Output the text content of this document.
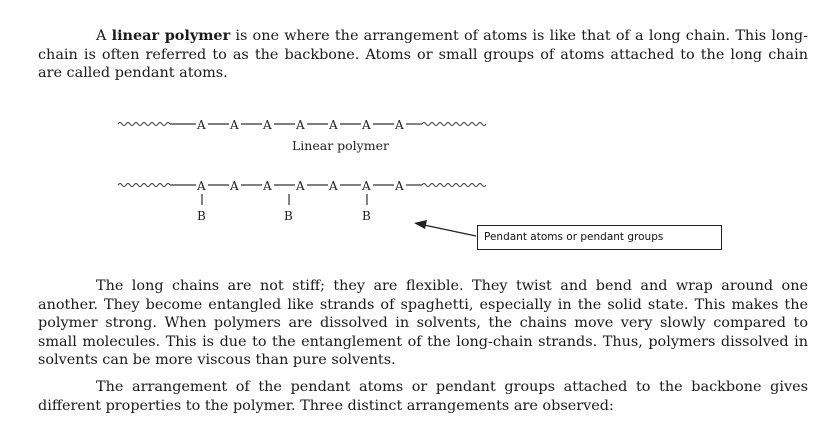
A linear polymer is one where the arrangement of atoms is like that of a long chain. This long-chain is often referred to as the backbone. Atoms or small groups of atoms attached to the long chain are called pendant atoms.

A A A A A A A
A A A A A A A
B	B	B
Linear polymer
Pendant atoms or pendant groups

The long chains are not stiff; they are flexible. They twist and bend and wrap around one another. They become entangled like strands of spaghetti, especially in the solid state. This makes the polymer strong. When polymers are dissolved in solvents, the chains move very slowly compared to small molecules. This is due to the entanglement of the long-chain strands. Thus, polymers dissolved in solvents can be more viscous than pure solvents.

The arrangement of the pendant atoms or pendant groups attached to the backbone gives different properties to the polymer. Three distinct arrangements are observed:
